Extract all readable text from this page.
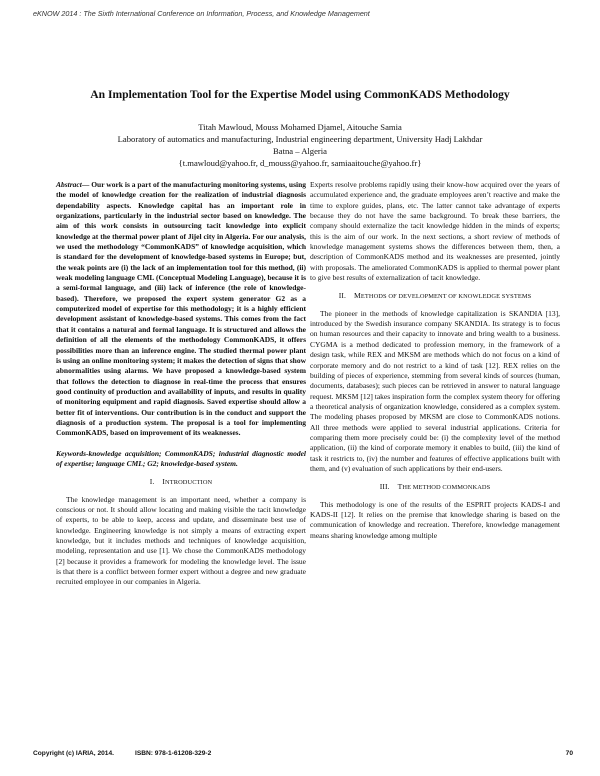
eKNOW 2014 : The Sixth International Conference on Information, Process, and Knowledge Management
An Implementation Tool for the Expertise Model using CommonKADS Methodology
Titah Mawloud, Mouss Mohamed Djamel, Aitouche Samia
Laboratory of automatics and manufacturing, Industrial engineering department, University Hadj Lakhdar
Batna – Algeria
{t.mawloud@yahoo.fr, d_mouss@yahoo.fr, samiaaitouche@yahoo.fr}
Abstract— Our work is a part of the manufacturing monitoring systems, using the model of knowledge creation for the realization of industrial diagnosis dependability aspects. Knowledge capital has an important role in organizations, particularly in the industrial sector based on knowledge. The aim of this work consists in outsourcing tacit knowledge into explicit knowledge at the thermal power plant of Jijel city in Algeria. For our analysis, we used the methodology “CommonKADS” of knowledge acquisition, which is standard for the development of knowledge-based systems in Europe; but, the weak points are (i) the lack of an implementation tool for this method, (ii) weak modeling language CML (Conceptual Modeling Language), because it is a semi-formal language, and (iii) lack of inference (the role of knowledge-based). Therefore, we proposed the expert system generator G2 as a computerized model of expertise for this methodology; it is a highly efficient development assistant of knowledge-based systems. This comes from the fact that it contains a natural and formal language. It is structured and allows the definition of all the elements of the methodology CommonKADS, it offers possibilities more than an inference engine. The studied thermal power plant is using an online monitoring system; it makes the detection of signs that show abnormalities using alarms. We have proposed a knowledge-based system that follows the detection to diagnose in real-time the process that ensures good continuity of production and availability of inputs, and results in quality of monitoring equipment and rapid diagnosis. Saved expertise should allow a better fit of interventions. Our contribution is in the conduct and support the diagnosis of a production system. The proposal is a tool for implementing CommonKADS, based on improvement of its weaknesses.
Keywords-knowledge acquisition; CommonKADS; industrial diagnostic model of expertise; language CML; G2; knowledge-based system.
I. INTRODUCTION

The knowledge management is an important need, whether a company is conscious or not. It should allow locating and making visible the tacit knowledge of experts, to be able to keep, access and update, and disseminate best use of knowledge. Engineering knowledge is not simply a means of extracting expert knowledge, but it includes methods and techniques of knowledge acquisition, modeling, representation and use [1]. We chose the CommonKADS methodology [2] because it provides a framework for modeling the knowledge level. The issue is that there is a conflict between former expert without a degree and new graduate recruited employee in our companies in Algeria.

Experts resolve problems rapidly using their know-how acquired over the years of accumulated experience and, the graduate employees aren’t reactive and make the time to explore guides, plans, etc. The latter cannot take advantage of experts because they do not have the same background. To break these barriers, the company should externalize the tacit knowledge hidden in the minds of experts; this is the aim of our work. In the next sections, a short review of methods of knowledge management systems shows the differences between them, then, a description of CommonKADS method and its weaknesses are presented, jointly with proposals. The ameliorated CommonKADS is applied to thermal power plant to give best results of externalization of tacit knowledge.

II. METHODS OF DEVELOPMENT OF KNOWLEDGE SYSTEMS

The pioneer in the methods of knowledge capitalization is SKANDIA [13], introduced by the Swedish insurance company SKANDIA. Its strategy is to focus on human resources and their capacity to innovate and bring wealth to a business. CYGMA is a method dedicated to profession memory, in the framework of a design task, while REX and MKSM are methods which do not focus on a kind of corporate memory and do not restrict to a kind of task [12]. REX relies on the building of pieces of experience, stemming from several kinds of sources (human, documents, databases); such pieces can be retrieved in answer to natural language request. MKSM [12] takes inspiration form the complex system theory for offering a theoretical analysis of organization knowledge, considered as a complex system. The modeling phases proposed by MKSM are close to CommonKADS notions. All three methods were applied to several industrial applications. Criteria for comparing them more precisely could be: (i) the complexity level of the method application, (ii) the kind of corporate memory it enables to build, (iii) the kind of task it restricts to, (iv) the number and features of effective applications built with them, and (v) evaluation of such applications by their end-users.

III. THE METHOD COMMONKADS

This methodology is one of the results of the ESPRIT projects KADS-I and KADS-II [12]. It relies on the premise that knowledge sharing is based on the communication of knowledge and recreation. Therefore, knowledge management means sharing knowledge among multiple

Copyright (c) IARIA, 2014.	ISBN: 978-1-61208-329-2	70
